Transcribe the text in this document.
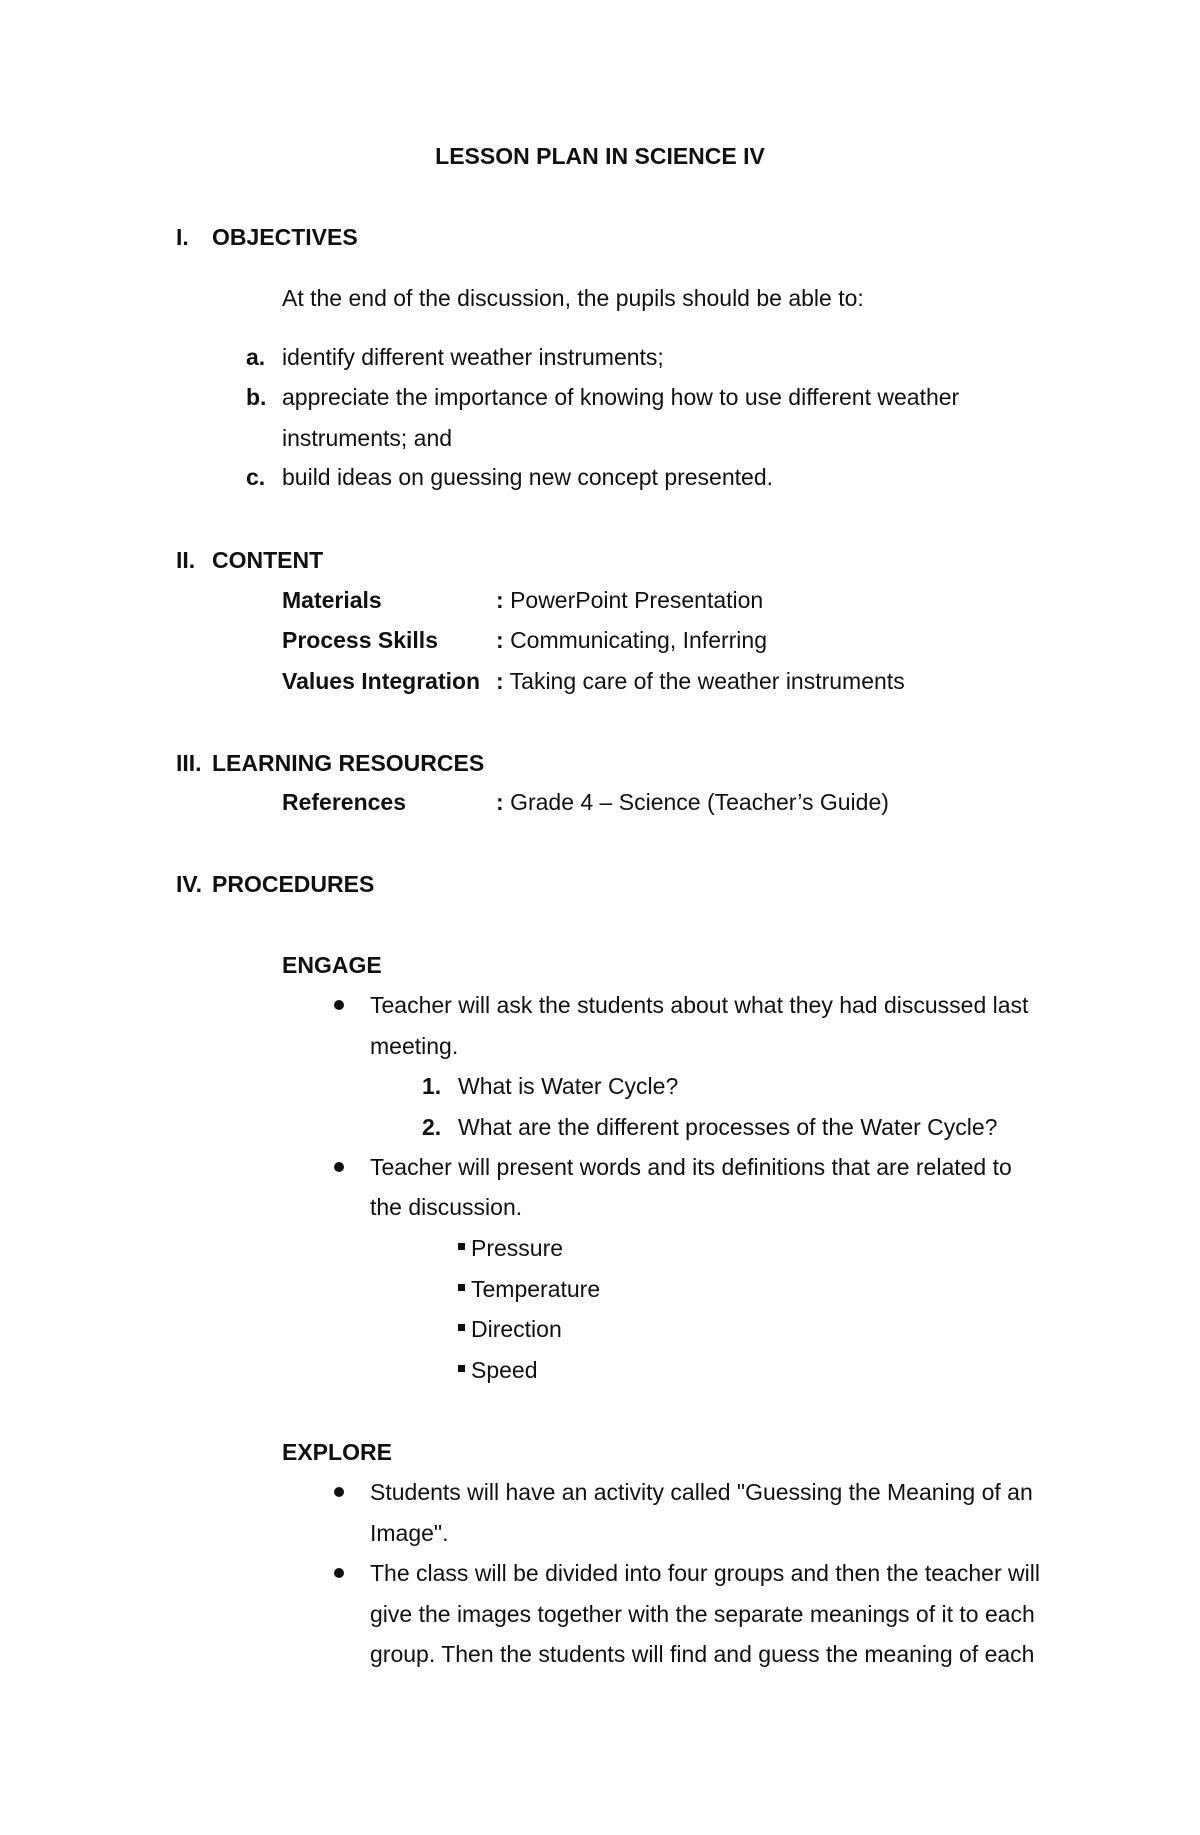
LESSON PLAN IN SCIENCE IV
I. OBJECTIVES
At the end of the discussion, the pupils should be able to:
a. identify different weather instruments;
b. appreciate the importance of knowing how to use different weather
instruments; and
c. build ideas on guessing new concept presented.
II. CONTENT
Materials	: PowerPoint Presentation
Process Skills	: Communicating, Inferring
Values Integration : Taking care of the weather instruments
III. LEARNING RESOURCES
References	: Grade 4 – Science (Teacher’s Guide)
IV. PROCEDURES
ENGAGE
Teacher will ask the students about what they had discussed last
meeting.
1. What is Water Cycle?
2. What are the different processes of the Water Cycle?
Teacher will present words and its definitions that are related to
the discussion.
Pressure
Temperature
Direction
Speed
EXPLORE
Students will have an activity called "Guessing the Meaning of an
Image".
The class will be divided into four groups and then the teacher will
give the images together with the separate meanings of it to each
group. Then the students will find and guess the meaning of each
